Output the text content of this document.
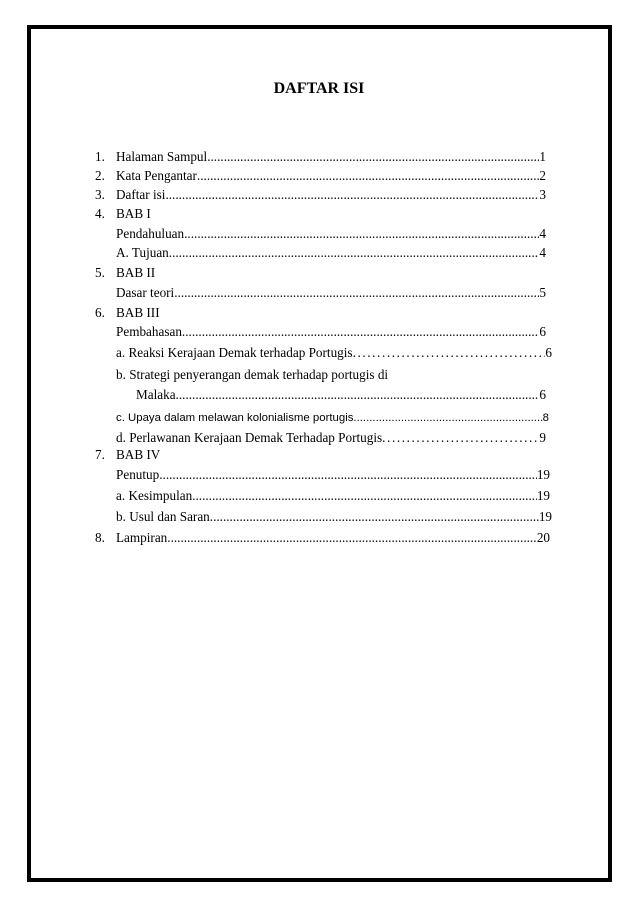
DAFTAR ISI
1. Halaman Sampul .....	1
2. Kata Pengantar .....	2
3. Daftar isi .....	3
4. BAB I
Pendahuluan .....	4
A. Tujuan .....	4
5. BAB II
Dasar teori .....	5
6. BAB III
Pembahasan .....	6
a. Reaksi Kerajaan Demak terhadap Portugis .....	6
b. Strategi penyerangan demak terhadap portugis di
Malaka .....	6
c. Upaya dalam melawan kolonialisme portugis .....	8
d. Perlawanan Kerajaan Demak Terhadap Portugis .....	9
7. BAB IV
Penutup .....	19
a. Kesimpulan .....	19
b. Usul dan Saran .....	19
8. Lampiran .....	20
